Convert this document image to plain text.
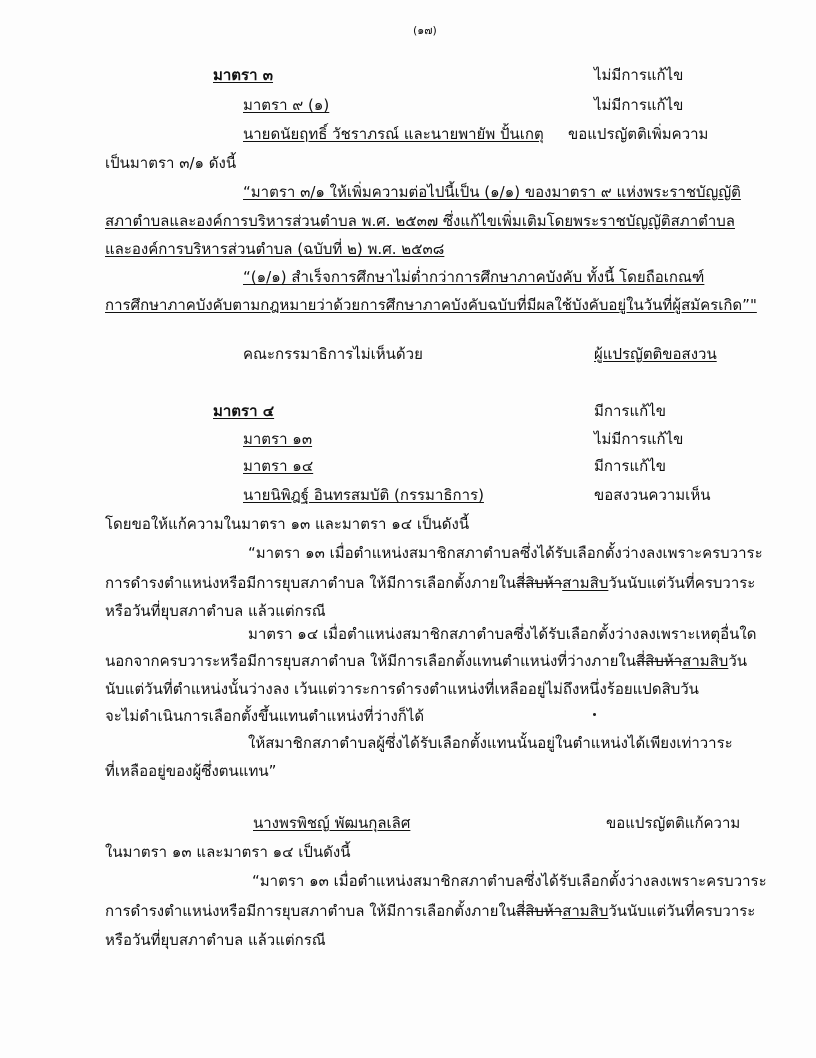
(๑๗)
มาตรา ๓	ไม่มีการแก้ไข
มาตรา ๙ (๑)	ไม่มีการแก้ไข
นายดนัยฤทธิ์ วัชราภรณ์ และนายพายัพ ปั้นเกตุ ขอแปรญัตติเพิ่มความ
เป็นมาตรา ๓/๑ ดังนี้
“มาตรา ๓/๑ ให้เพิ่มความต่อไปนี้เป็น (๑/๑) ของมาตรา ๙ แห่งพระราชบัญญัติ
สภาตำบลและองค์การบริหารส่วนตำบล พ.ศ. ๒๕๓๗ ซึ่งแก้ไขเพิ่มเติมโดยพระราชบัญญัติสภาตำบล
และองค์การบริหารส่วนตำบล (ฉบับที่ ๒) พ.ศ. ๒๕๓๘
“(๑/๑) สำเร็จการศึกษาไม่ต่ำกว่าการศึกษาภาคบังคับ ทั้งนี้ โดยถือเกณฑ์
การศึกษาภาคบังคับตามกฎหมายว่าด้วยการศึกษาภาคบังคับฉบับที่มีผลใช้บังคับอยู่ในวันที่ผู้สมัครเกิด”"
คณะกรรมาธิการไม่เห็นด้วย	ผู้แปรญัตติขอสงวน
มาตรา ๔	มีการแก้ไข
มาตรา ๑๓	ไม่มีการแก้ไข
มาตรา ๑๔	มีการแก้ไข
นายนิพิฎฐ์ อินทรสมบัติ (กรรมาธิการ)	ขอสงวนความเห็น
โดยขอให้แก้ความในมาตรา ๑๓ และมาตรา ๑๔ เป็นดังนี้
“มาตรา ๑๓ เมื่อตำแหน่งสมาชิกสภาตำบลซึ่งได้รับเลือกตั้งว่างลงเพราะครบวาระ
การดำรงตำแหน่งหรือมีการยุบสภาตำบล ให้มีการเลือกตั้งภายในสี่สิบห้าสามสิบวันนับแต่วันที่ครบวาระ
หรือวันที่ยุบสภาตำบล แล้วแต่กรณี
มาตรา ๑๔ เมื่อตำแหน่งสมาชิกสภาตำบลซึ่งได้รับเลือกตั้งว่างลงเพราะเหตุอื่นใด
นอกจากครบวาระหรือมีการยุบสภาตำบล ให้มีการเลือกตั้งแทนตำแหน่งที่ว่างภายในสี่สิบห้าสามสิบวัน
นับแต่วันที่ตำแหน่งนั้นว่างลง เว้นแต่วาระการดำรงตำแหน่งที่เหลืออยู่ไม่ถึงหนึ่งร้อยแปดสิบวัน
จะไม่ดำเนินการเลือกตั้งขึ้นแทนตำแหน่งที่ว่างก็ได้
ให้สมาชิกสภาตำบลผู้ซึ่งได้รับเลือกตั้งแทนนั้นอยู่ในตำแหน่งได้เพียงเท่าวาระ
ที่เหลืออยู่ของผู้ซึ่งตนแทน”
นางพรพิชญ์ พัฒนกุลเลิศ	ขอแปรญัตติแก้ความ
ในมาตรา ๑๓ และมาตรา ๑๔ เป็นดังนี้
“มาตรา ๑๓ เมื่อตำแหน่งสมาชิกสภาตำบลซึ่งได้รับเลือกตั้งว่างลงเพราะครบวาระ
การดำรงตำแหน่งหรือมีการยุบสภาตำบล ให้มีการเลือกตั้งภายในสี่สิบห้าสามสิบวันนับแต่วันที่ครบวาระ
หรือวันที่ยุบสภาตำบล แล้วแต่กรณี
